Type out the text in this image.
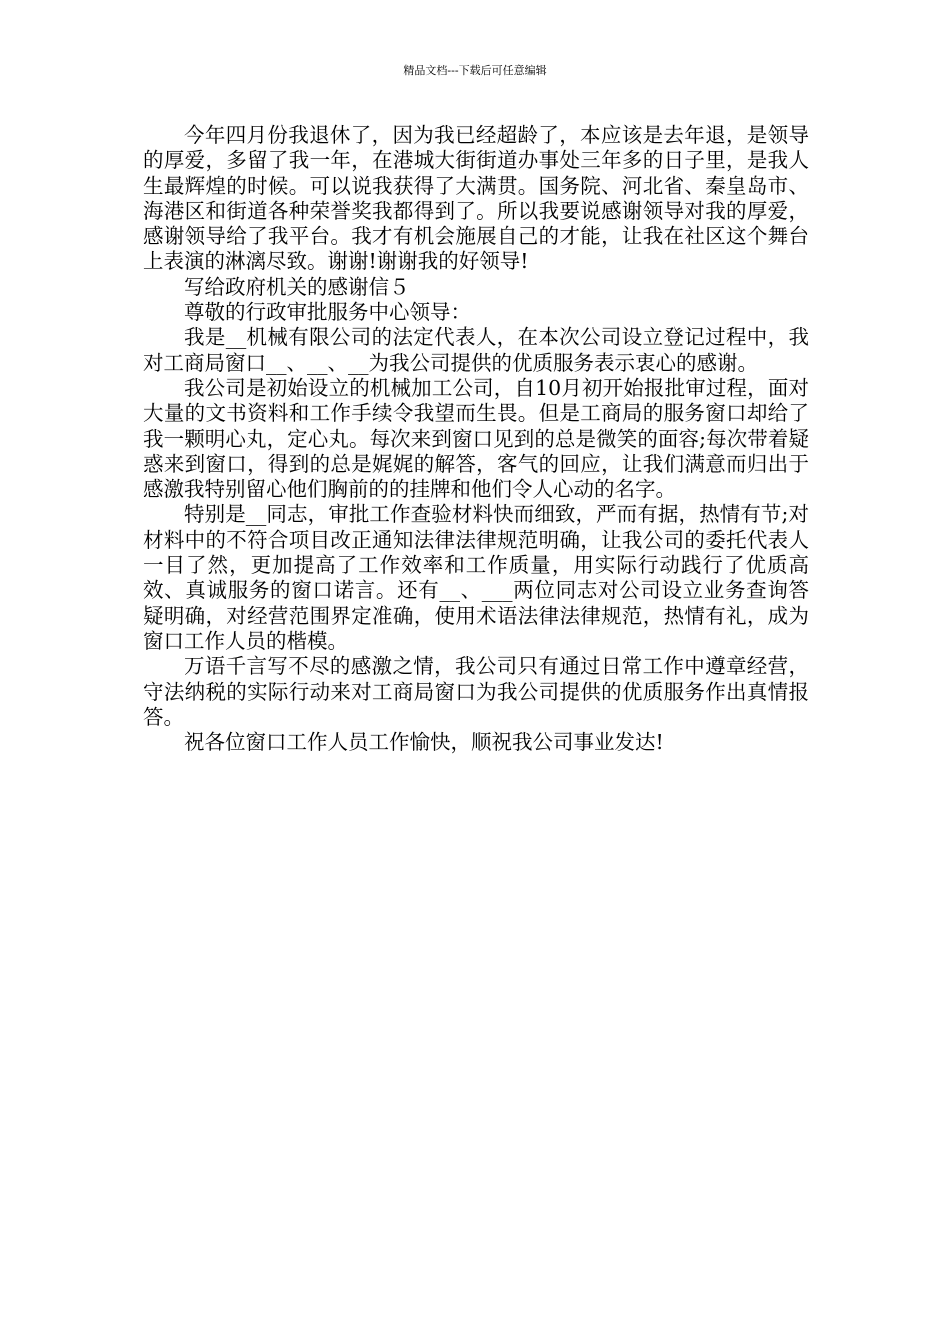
精品文档---下载后可任意编辑

今年四月份我退休了，因为我已经超龄了，本应该是去年退，是领导的厚爱，多留了我一年，在港城大街街道办事处三年多的日子里，是我人生最辉煌的时候。可以说我获得了大满贯。国务院、河北省、秦皇岛市、海港区和街道各种荣誉奖我都得到了。所以我要说感谢领导对我的厚爱，感谢领导给了我平台。我才有机会施展自己的才能，让我在社区这个舞台上表演的淋漓尽致。谢谢!谢谢我的好领导!

写给政府机关的感谢信５

尊敬的行政审批服务中心领导：

我是__机械有限公司的法定代表人，在本次公司设立登记过程中，我对工商局窗口__、__、__为我公司提供的优质服务表示衷心的感谢。

我公司是初始设立的机械加工公司，自10月初开始报批审过程，面对大量的文书资料和工作手续令我望而生畏。但是工商局的服务窗口却给了我一颗明心丸，定心丸。每次来到窗口见到的总是微笑的面容;每次带着疑惑来到窗口，得到的总是娓娓的解答，客气的回应，让我们满意而归出于感激我特别留心他们胸前的的挂牌和他们令人心动的名字。

特别是__同志，审批工作查验材料快而细致，严而有据，热情有节;对材料中的不符合项目改正通知法律法律规范明确，让我公司的委托代表人一目了然，更加提高了工作效率和工作质量，用实际行动践行了优质高效、真诚服务的窗口诺言。还有__、___两位同志对公司设立业务查询答疑明确，对经营范围界定准确，使用术语法律法律规范，热情有礼，成为窗口工作人员的楷模。

万语千言写不尽的感激之情，我公司只有通过日常工作中遵章经营，守法纳税的实际行动来对工商局窗口为我公司提供的优质服务作出真情报答。

祝各位窗口工作人员工作愉快，顺祝我公司事业发达!
